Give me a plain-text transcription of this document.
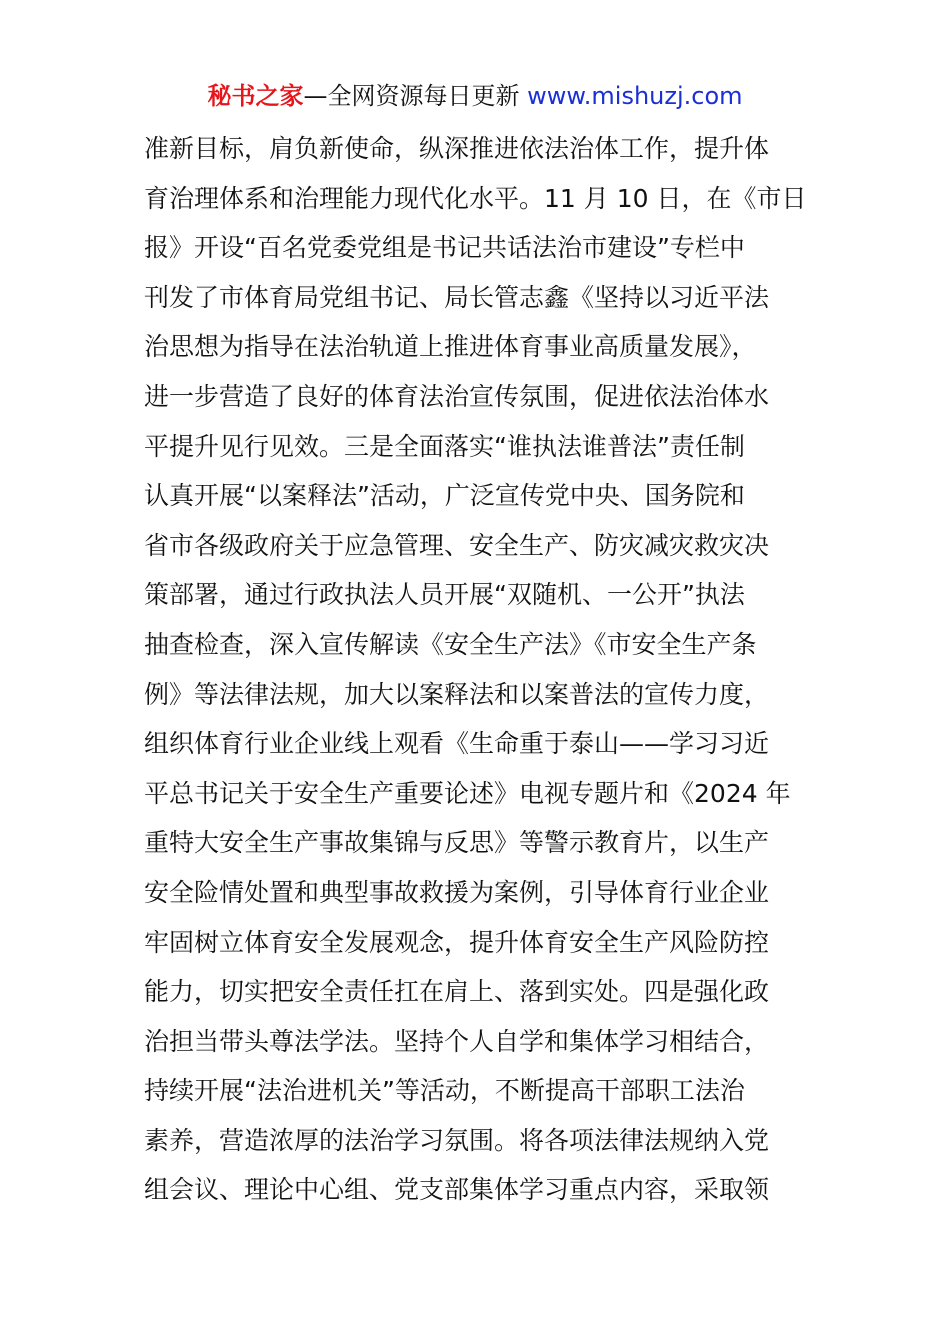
秘书之家—全网资源每日更新 www.mishuzj.com
准新目标，肩负新使命，纵深推进依法治体工作，提升体
育治理体系和治理能力现代化水平。11 月 10 日，在《市日
报》开设“百名党委党组是书记共话法治市建设”专栏中
刊发了市体育局党组书记、局长管志鑫《坚持以习近平法
治思想为指导在法治轨道上推进体育事业高质量发展》，
进一步营造了良好的体育法治宣传氛围，促进依法治体水
平提升见行见效。三是全面落实“谁执法谁普法”责任制
认真开展“以案释法”活动，广泛宣传党中央、国务院和
省市各级政府关于应急管理、安全生产、防灾减灾救灾决
策部署，通过行政执法人员开展“双随机、一公开”执法
抽查检查，深入宣传解读《安全生产法》《市安全生产条
例》等法律法规，加大以案释法和以案普法的宣传力度，
组织体育行业企业线上观看《生命重于泰山——学习习近
平总书记关于安全生产重要论述》电视专题片和《2024 年
重特大安全生产事故集锦与反思》等警示教育片，以生产
安全险情处置和典型事故救援为案例，引导体育行业企业
牢固树立体育安全发展观念，提升体育安全生产风险防控
能力，切实把安全责任扛在肩上、落到实处。四是强化政
治担当带头尊法学法。坚持个人自学和集体学习相结合，
持续开展“法治进机关”等活动，不断提高干部职工法治
素养，营造浓厚的法治学习氛围。将各项法律法规纳入党
组会议、理论中心组、党支部集体学习重点内容，采取领
